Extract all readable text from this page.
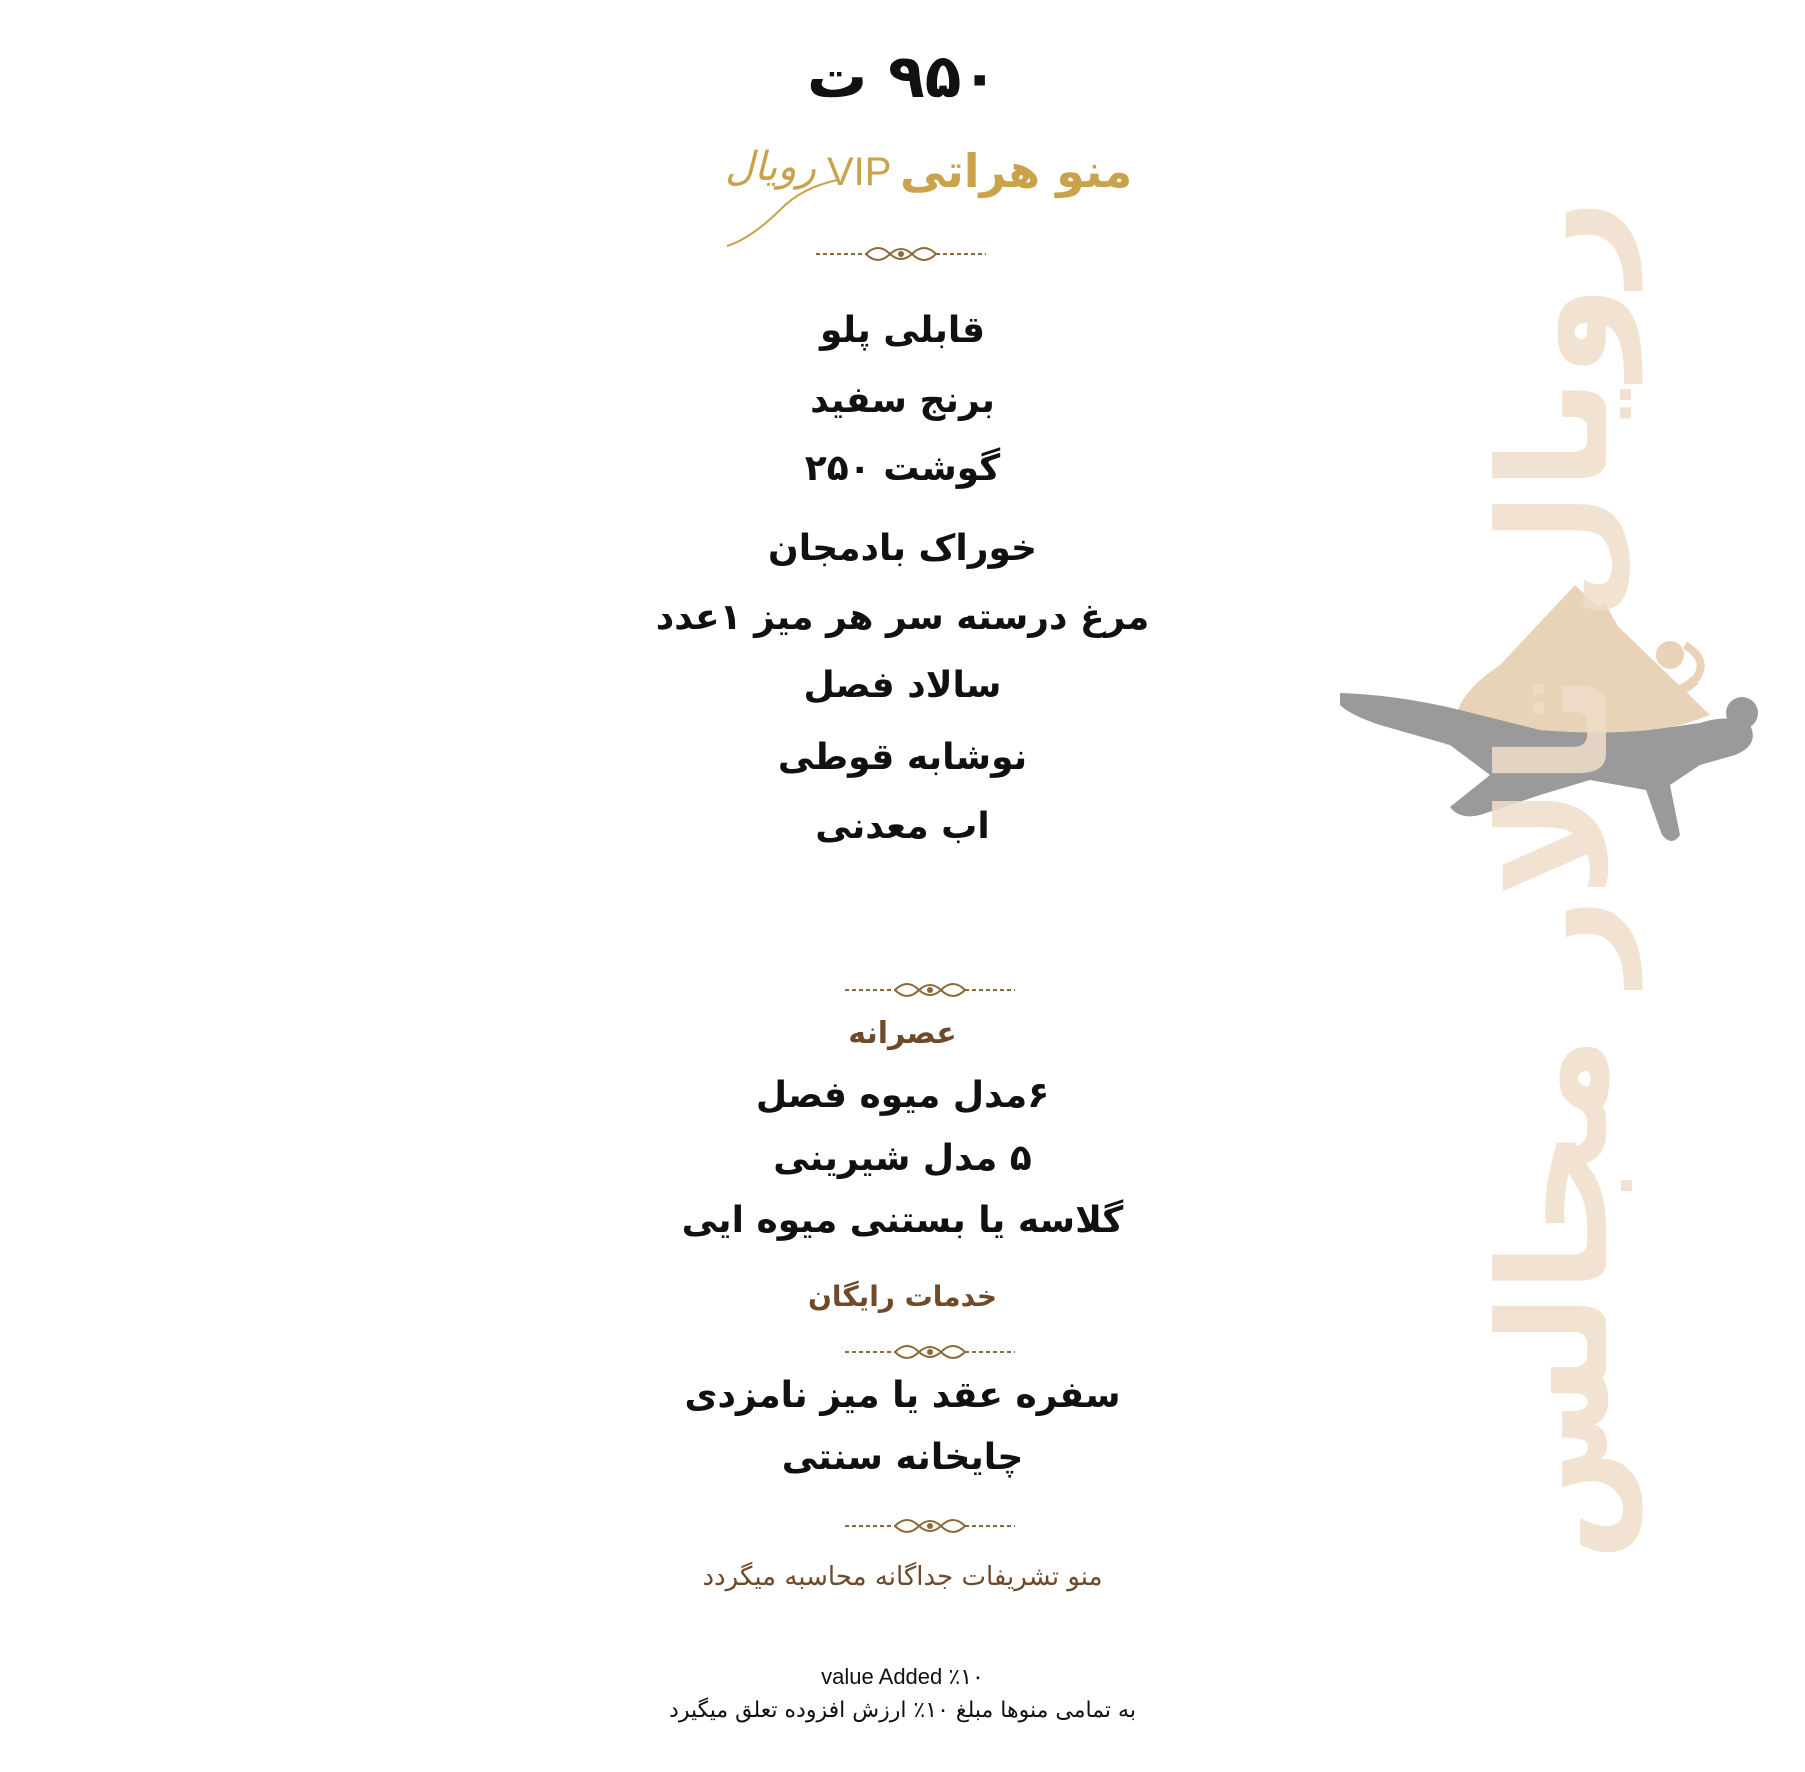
رویال تالار مجالس
۹۵۰ ت
منو هراتی
VIP
رویال
قابلی پلو
برنج سفید
گوشت ۲۵۰
خوراک بادمجان
مرغ درسته سر هر میز ۱عدد
سالاد فصل
نوشابه قوطی
اب معدنی
عصرانه
۶مدل میوه فصل
۵ مدل شیرینی
گلاسه یا بستنی میوه ایی
خدمات رایگان
سفره عقد یا میز نامزدی
چایخانه سنتی
منو تشریفات جداگانه محاسبه میگردد
٪۱۰ value Added
به تمامی منوها مبلغ ۱۰٪ ارزش افزوده تعلق میگیرد
